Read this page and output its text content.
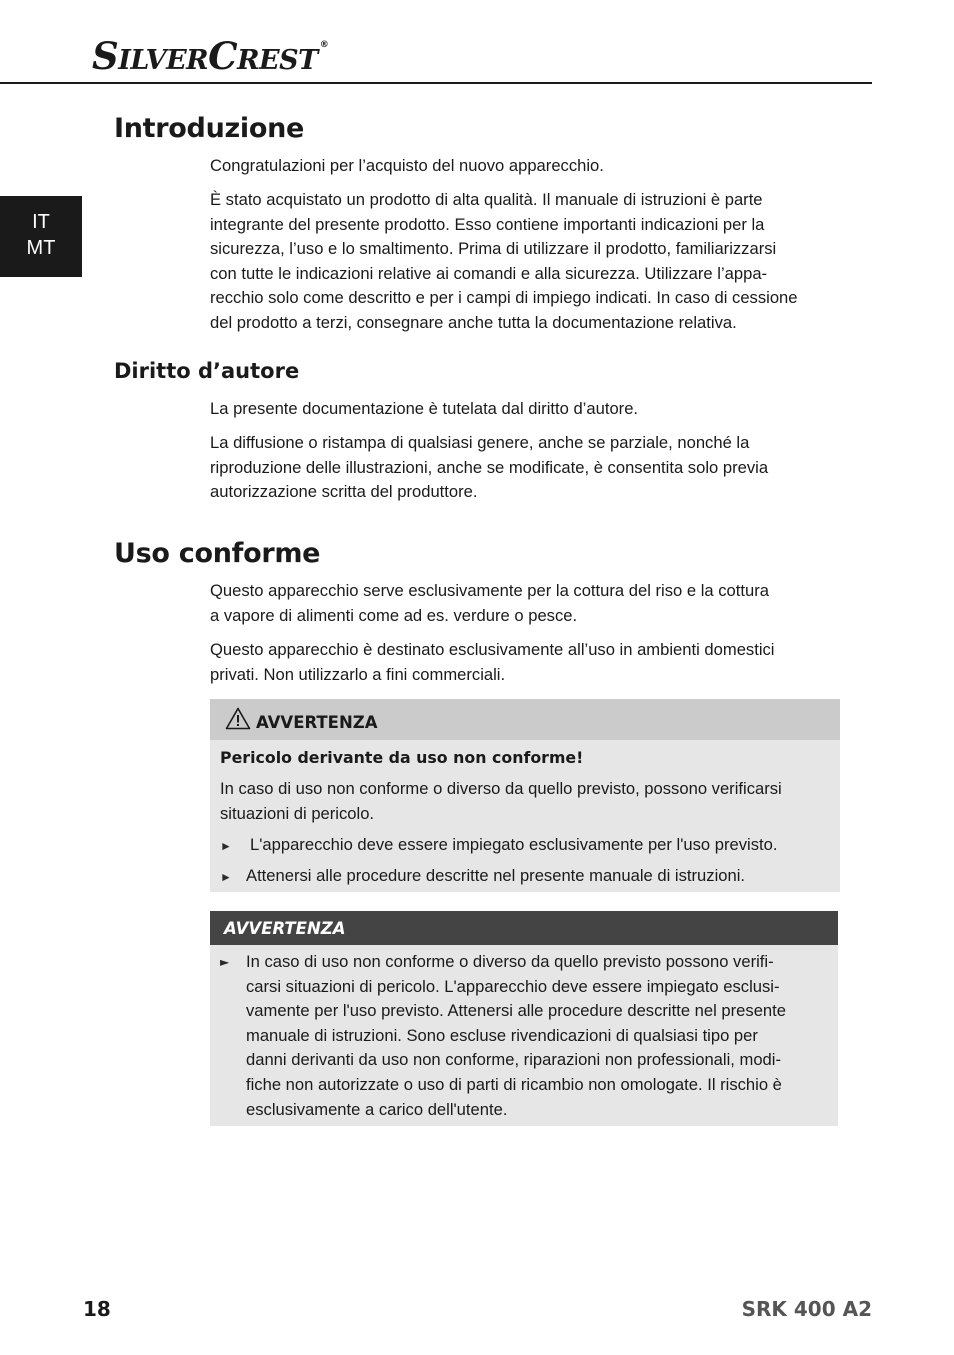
SILVERCREST ®
IT
MT
Introduzione
Congratulazioni per l’acquisto del nuovo apparecchio.
È stato acquistato un prodotto di alta qualità. Il manuale di istruzioni è parte
integrante del presente prodotto. Esso contiene importanti indicazioni per la
sicurezza, l’uso e lo smaltimento. Prima di utilizzare il prodotto, familiarizzarsi
con tutte le indicazioni relative ai comandi e alla sicurezza. Utilizzare l’appa-
recchio solo come descritto e per i campi di impiego indicati. In caso di cessione
del prodotto a terzi, consegnare anche tutta la documentazione relativa.
Diritto d’autore
La presente documentazione è tutelata dal diritto d’autore.
La diffusione o ristampa di qualsiasi genere, anche se parziale, nonché la
riproduzione delle illustrazioni, anche se modificate, è consentita solo previa
autorizzazione scritta del produttore.
Uso conforme
Questo apparecchio serve esclusivamente per la cottura del riso e la cottura
a vapore di alimenti come ad es. verdure o pesce.
Questo apparecchio è destinato esclusivamente all’uso in ambienti domestici
privati. Non utilizzarlo a fini commerciali.
AVVERTENZA
Pericolo derivante da uso non conforme!
In caso di uso non conforme o diverso da quello previsto, possono verificarsi
situazioni di pericolo.
► L'apparecchio deve essere impiegato esclusivamente per l'uso previsto.
► Attenersi alle procedure descritte nel presente manuale di istruzioni.
AVVERTENZA
► In caso di uso non conforme o diverso da quello previsto possono verifi-
carsi situazioni di pericolo. L'apparecchio deve essere impiegato esclusi-
vamente per l'uso previsto. Attenersi alle procedure descritte nel presente
manuale di istruzioni. Sono escluse rivendicazioni di qualsiasi tipo per
danni derivanti da uso non conforme, riparazioni non professionali, modi-
fiche non autorizzate o uso di parti di ricambio non omologate. Il rischio è
esclusivamente a carico dell'utente.
18	SRK 400 A2
